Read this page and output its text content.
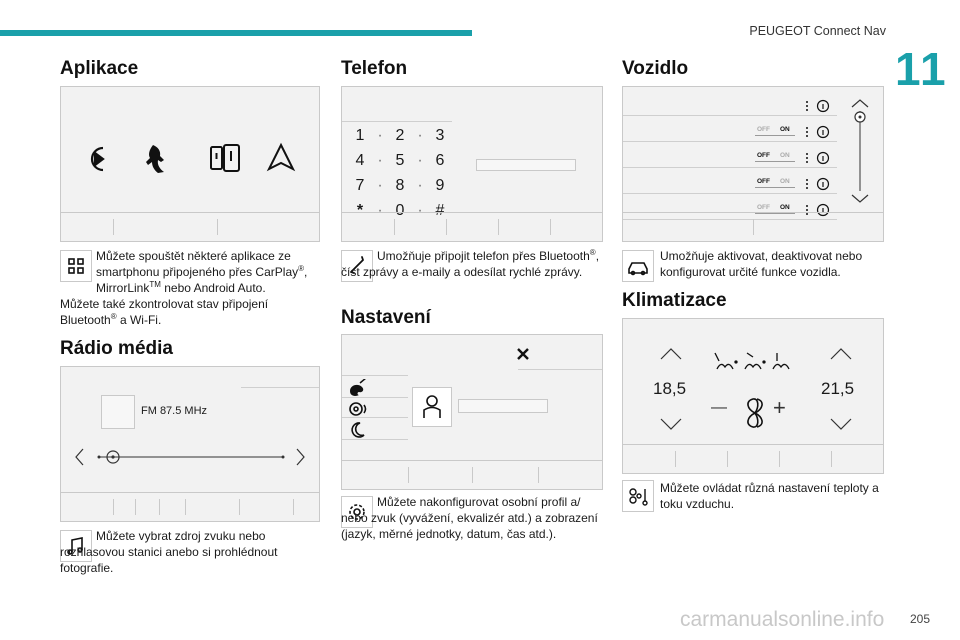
PEUGEOT Connect Nav
11
Aplikace
Můžete spouštět některé aplikace ze smartphonu připojeného přes CarPlay®, MirrorLink™ nebo Android Auto.
Můžete také zkontrolovat stav připojení Bluetooth® a Wi-Fi.
Rádio média
FM 87.5 MHz
Můžete vybrat zdroj zvuku nebo rozhlasovou stanici anebo si prohlédnout fotografie.
Telefon
1 · 2 · 3
4 · 5 · 6
7 · 8 · 9
* · 0 · #
Umožňuje připojit telefon přes Bluetooth®, číst zprávy a e-maily a odesílat rychlé zprávy.
Nastavení
Můžete nakonfigurovat osobní profil a/ nebo zvuk (vyvážení, ekvalizér atd.) a zobrazení (jazyk, měrné jednotky, datum, čas atd.).
Vozidlo
OFF ON
OFF ON
OFF ON
OFF ON
Umožňuje aktivovat, deaktivovat nebo konfigurovat určité funkce vozidla.
Klimatizace
18,5	21,5
— +
Můžete ovládat různá nastavení teploty a toku vzduchu.
carmanualsonline.info 205
